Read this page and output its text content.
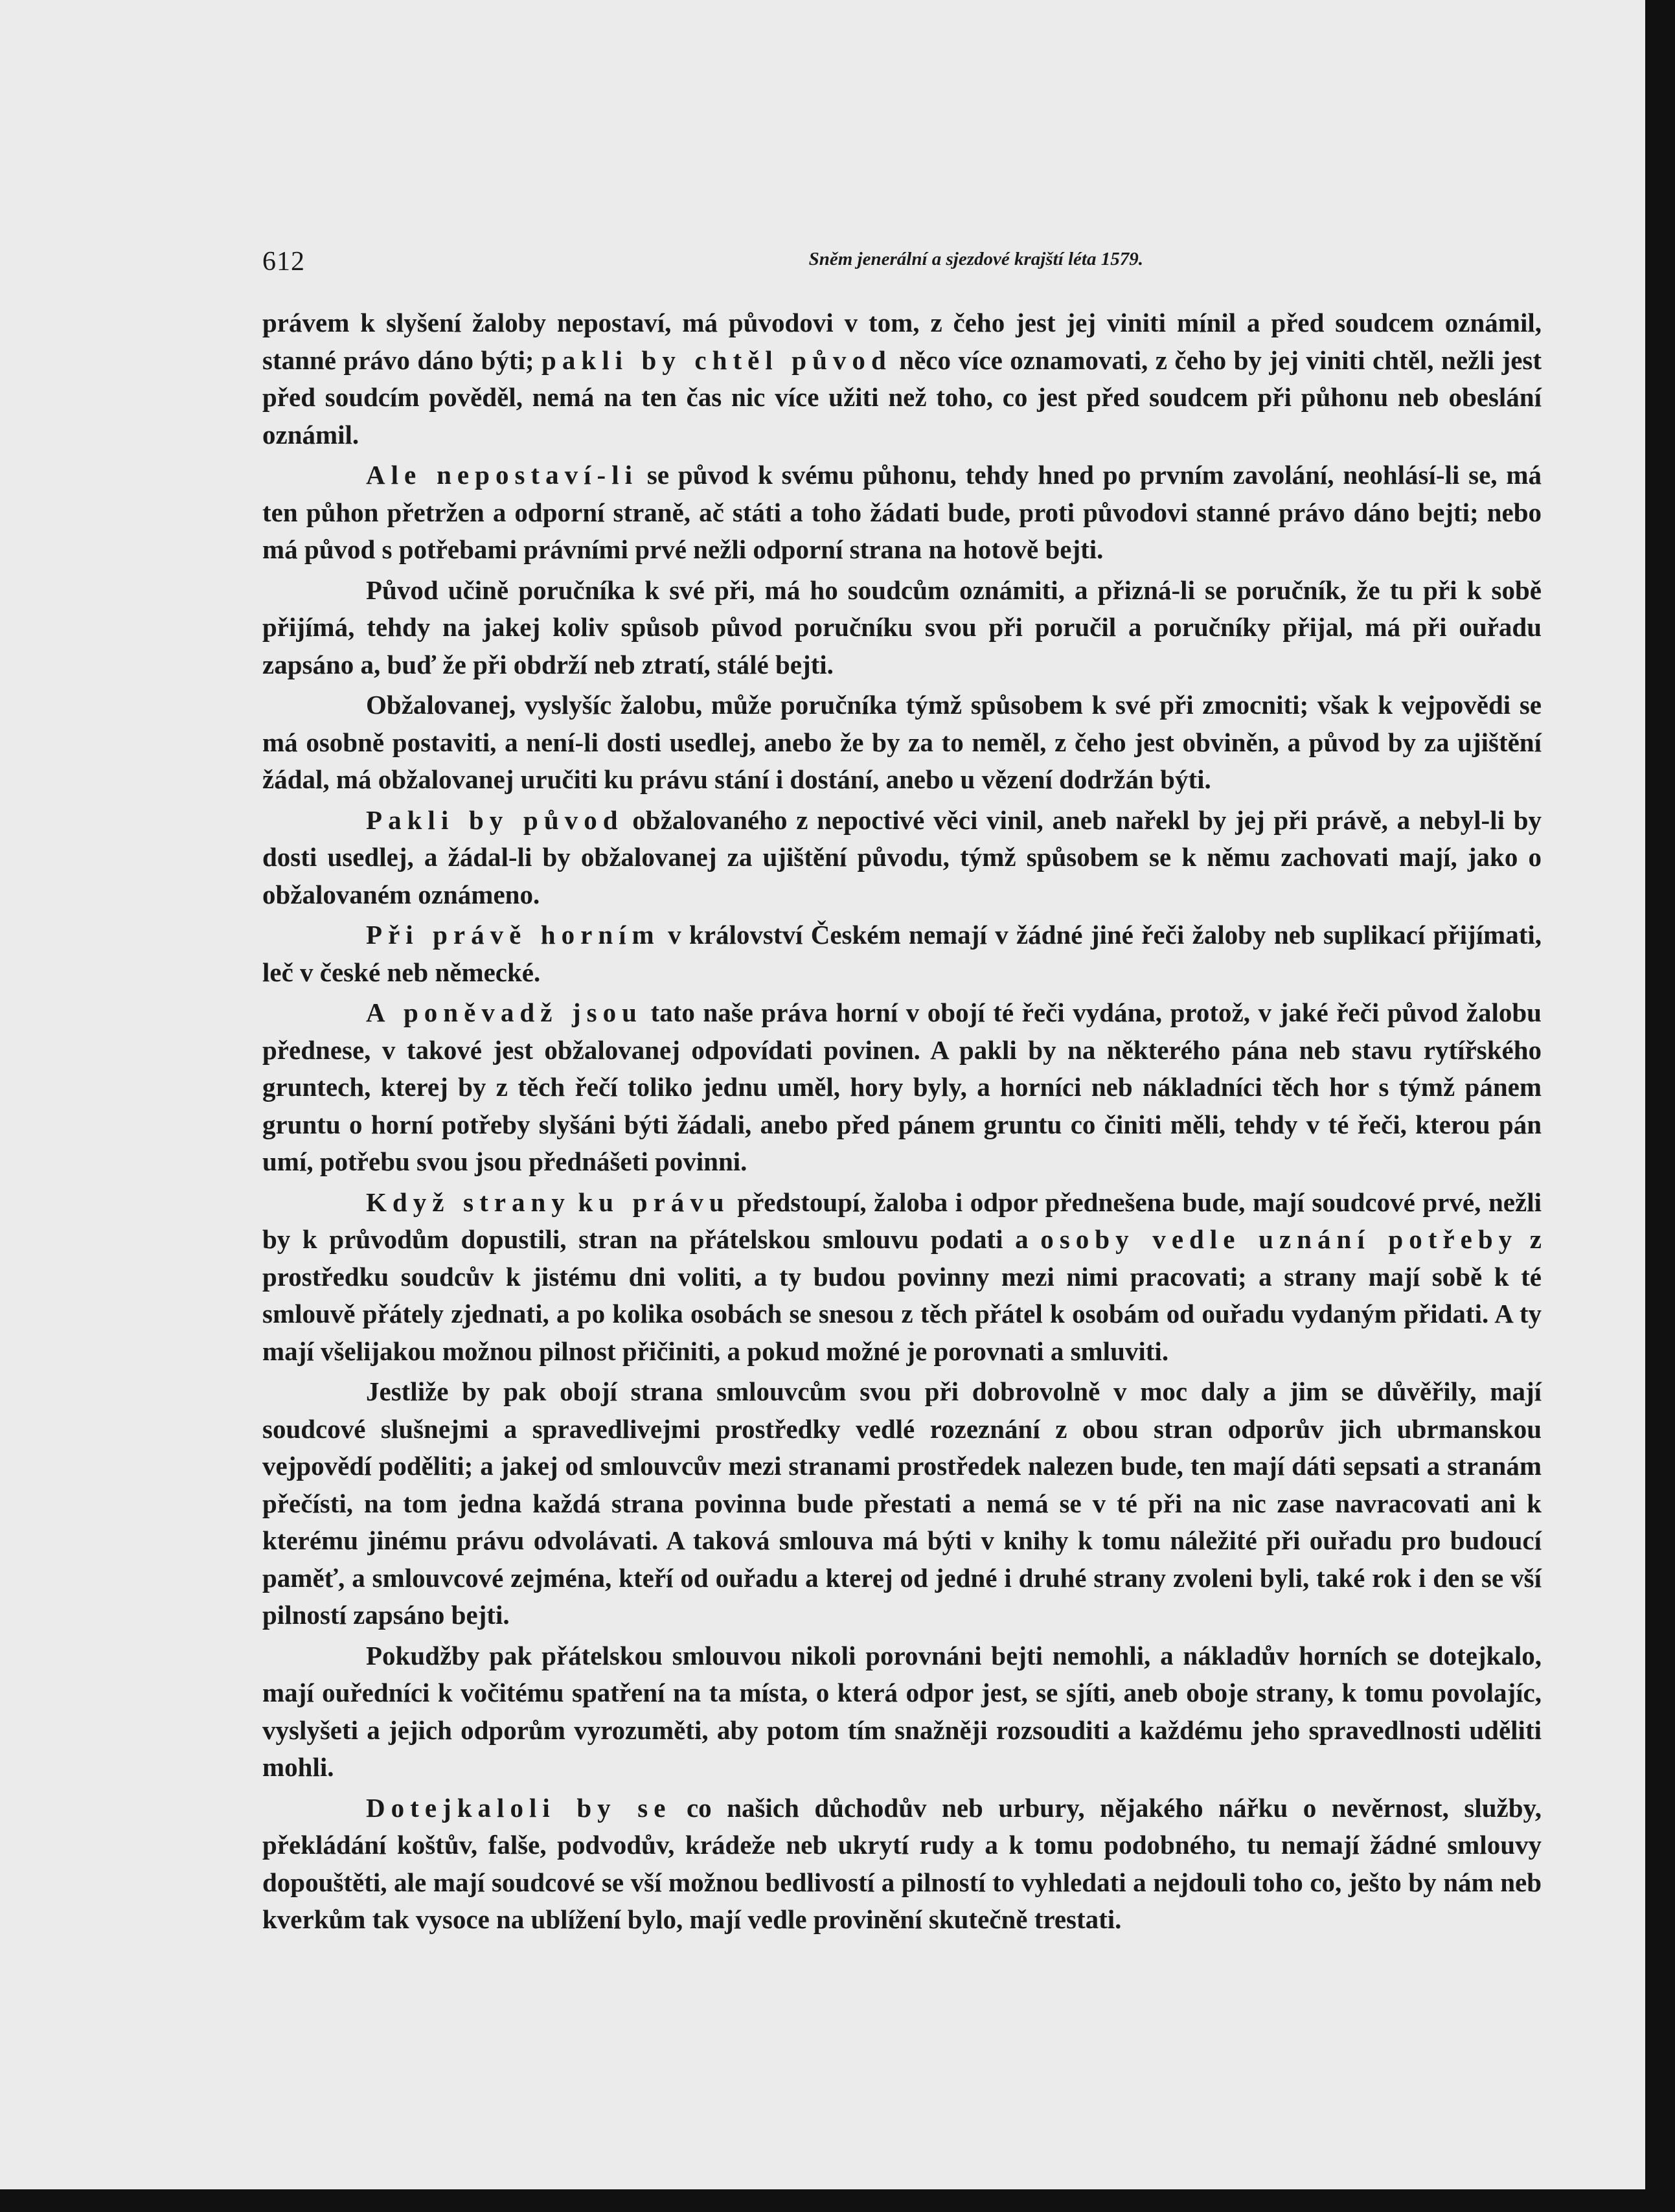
612	Sněm jenerální a sjezdové krajští léta 1579.

právem k slyšení žaloby nepostaví, má původovi v tom, z čeho jest jej viniti mínil a před soudcem oznámil, stanné právo dáno býti; pakli by chtěl původ něco více oznamovati, z čeho by jej viniti chtěl, nežli jest před soudcím pověděl, nemá na ten čas nic více užiti než toho, co jest před soudcem při půhonu neb obeslání oznámil.

Ale nepostaví-li se původ k svému půhonu, tehdy hned po prvním zavolání, neohlásí-li se, má ten půhon přetržen a odporní straně, ač státi a toho žádati bude, proti původovi stanné právo dáno bejti; nebo má původ s potřebami právními prvé nežli odporní strana na hotově bejti.

Původ učině poručníka k své při, má ho soudcům oznámiti, a přizná-li se poručník, že tu při k sobě přijímá, tehdy na jakej koliv spůsob původ poručníku svou při poručil a poručníky přijal, má při ouřadu zapsáno a, buď že při obdrží neb ztratí, stálé bejti.

Obžalovanej, vyslyšíc žalobu, může poručníka týmž spůsobem k své při zmocniti; však k vejpovědi se má osobně postaviti, a není-li dosti usedlej, anebo že by za to neměl, z čeho jest obviněn, a původ by za ujištění žádal, má obžalovanej uručiti ku právu stání i dostání, anebo u vězení dodržán býti.

Pakli by původ obžalovaného z nepoctivé věci vinil, aneb nařekl by jej při právě, a nebyl-li by dosti usedlej, a žádal-li by obžalovanej za ujištění původu, týmž spůsobem se k němu zachovati mají, jako o obžalovaném oznámeno.

Při právě horním v království Českém nemají v žádné jiné řeči žaloby neb suplikací přijímati, leč v české neb německé.

A poněvadž jsou tato naše práva horní v obojí té řeči vydána, protož, v jaké řeči původ žalobu přednese, v takové jest obžalovanej odpovídati povinen. A pakli by na některého pána neb stavu rytířského gruntech, kterej by z těch řečí toliko jednu uměl, hory byly, a horníci neb nákladníci těch hor s týmž pánem gruntu o horní potřeby slyšáni býti žádali, anebo před pánem gruntu co činiti měli, tehdy v té řeči, kterou pán umí, potřebu svou jsou přednášeti povinni.

Když strany ku právu předstoupí, žaloba i odpor přednešena bude, mají soudcové prvé, nežli by k průvodům dopustili, stran na přátelskou smlouvu podati a osoby vedle uznání potřeby z prostředku soudcův k jistému dni voliti, a ty budou povinny mezi nimi pracovati; a strany mají sobě k té smlouvě přátely zjednati, a po kolika osobách se snesou z těch přátel k osobám od ouřadu vydaným přidati. A ty mají všelijakou možnou pilnost přičiniti, a pokud možné je porovnati a smluviti.

Jestliže by pak obojí strana smlouvcům svou při dobrovolně v moc daly a jim se důvěřily, mají soudcové slušnejmi a spravedlivejmi prostředky vedlé rozeznání z obou stran odporův jich ubrmanskou vejpovědí poděliti; a jakej od smlouvcův mezi stranami prostředek nalezen bude, ten mají dáti sepsati a stranám přečísti, na tom jedna každá strana povinna bude přestati a nemá se v té při na nic zase navracovati ani k kterému jinému právu odvolávati. A taková smlouva má býti v knihy k tomu náležité při ouřadu pro budoucí paměť, a smlouvcové zejména, kteří od ouřadu a kterej od jedné i druhé strany zvoleni byli, také rok i den se vší pilností zapsáno bejti.

Pokudžby pak přátelskou smlouvou nikoli porovnáni bejti nemohli, a nákladův horních se dotejkalo, mají ouředníci k vočitému spatření na ta místa, o která odpor jest, se sjíti, aneb oboje strany, k tomu povolajíc, vyslyšeti a jejich odporům vyrozuměti, aby potom tím snažněji rozsouditi a každému jeho spravedlnosti uděliti mohli.

Dotejkaloli by se co našich důchodův neb urbury, nějakého nářku o nevěrnost, služby, překládání koštův, falše, podvodův, krádeže neb ukrytí rudy a k tomu podobného, tu nemají žádné smlouvy dopouštěti, ale mají soudcové se vší možnou bedlivostí a pilností to vyhledati a nejdouli toho co, ješto by nám neb kverkům tak vysoce na ublížení bylo, mají vedle provinění skutečně trestati.
